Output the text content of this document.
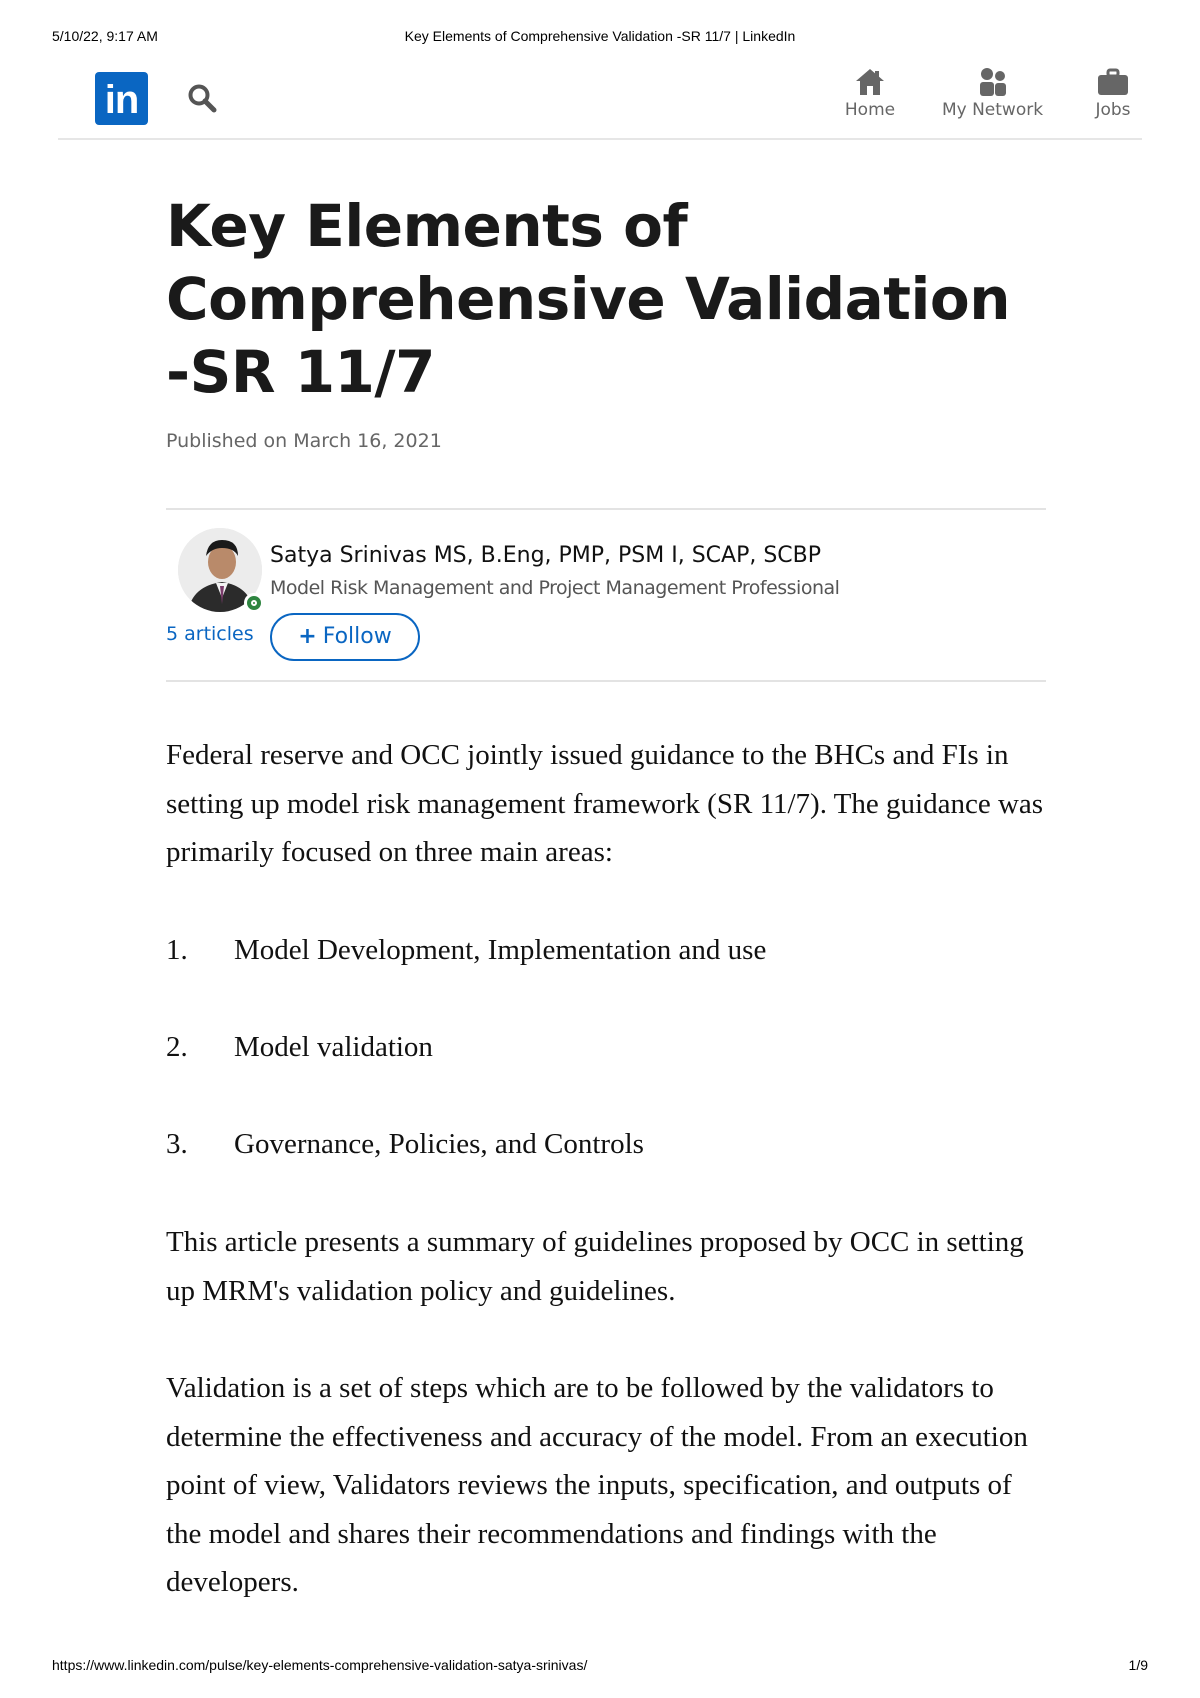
5/10/22, 9:17 AM	Key Elements of Comprehensive Validation -SR 11/7 | LinkedIn
in	Home	My Network	Jobs
Key Elements of Comprehensive Validation -SR 11/7
Published on March 16, 2021
Satya Srinivas MS, B.Eng, PMP, PSM I, SCAP, SCBP
Model Risk Management and Project Management Professional
5 articles	+ Follow

Federal reserve and OCC jointly issued guidance to the BHCs and FIs in setting up model risk management framework (SR 11/7). The guidance was primarily focused on three main areas:

1. Model Development, Implementation and use
2. Model validation
3. Governance, Policies, and Controls

This article presents a summary of guidelines proposed by OCC in setting up MRM's validation policy and guidelines.

Validation is a set of steps which are to be followed by the validators to determine the effectiveness and accuracy of the model. From an execution point of view, Validators reviews the inputs, specification, and outputs of the model and shares their recommendations and findings with the developers.

https://www.linkedin.com/pulse/key-elements-comprehensive-validation-satya-srinivas/	1/9
